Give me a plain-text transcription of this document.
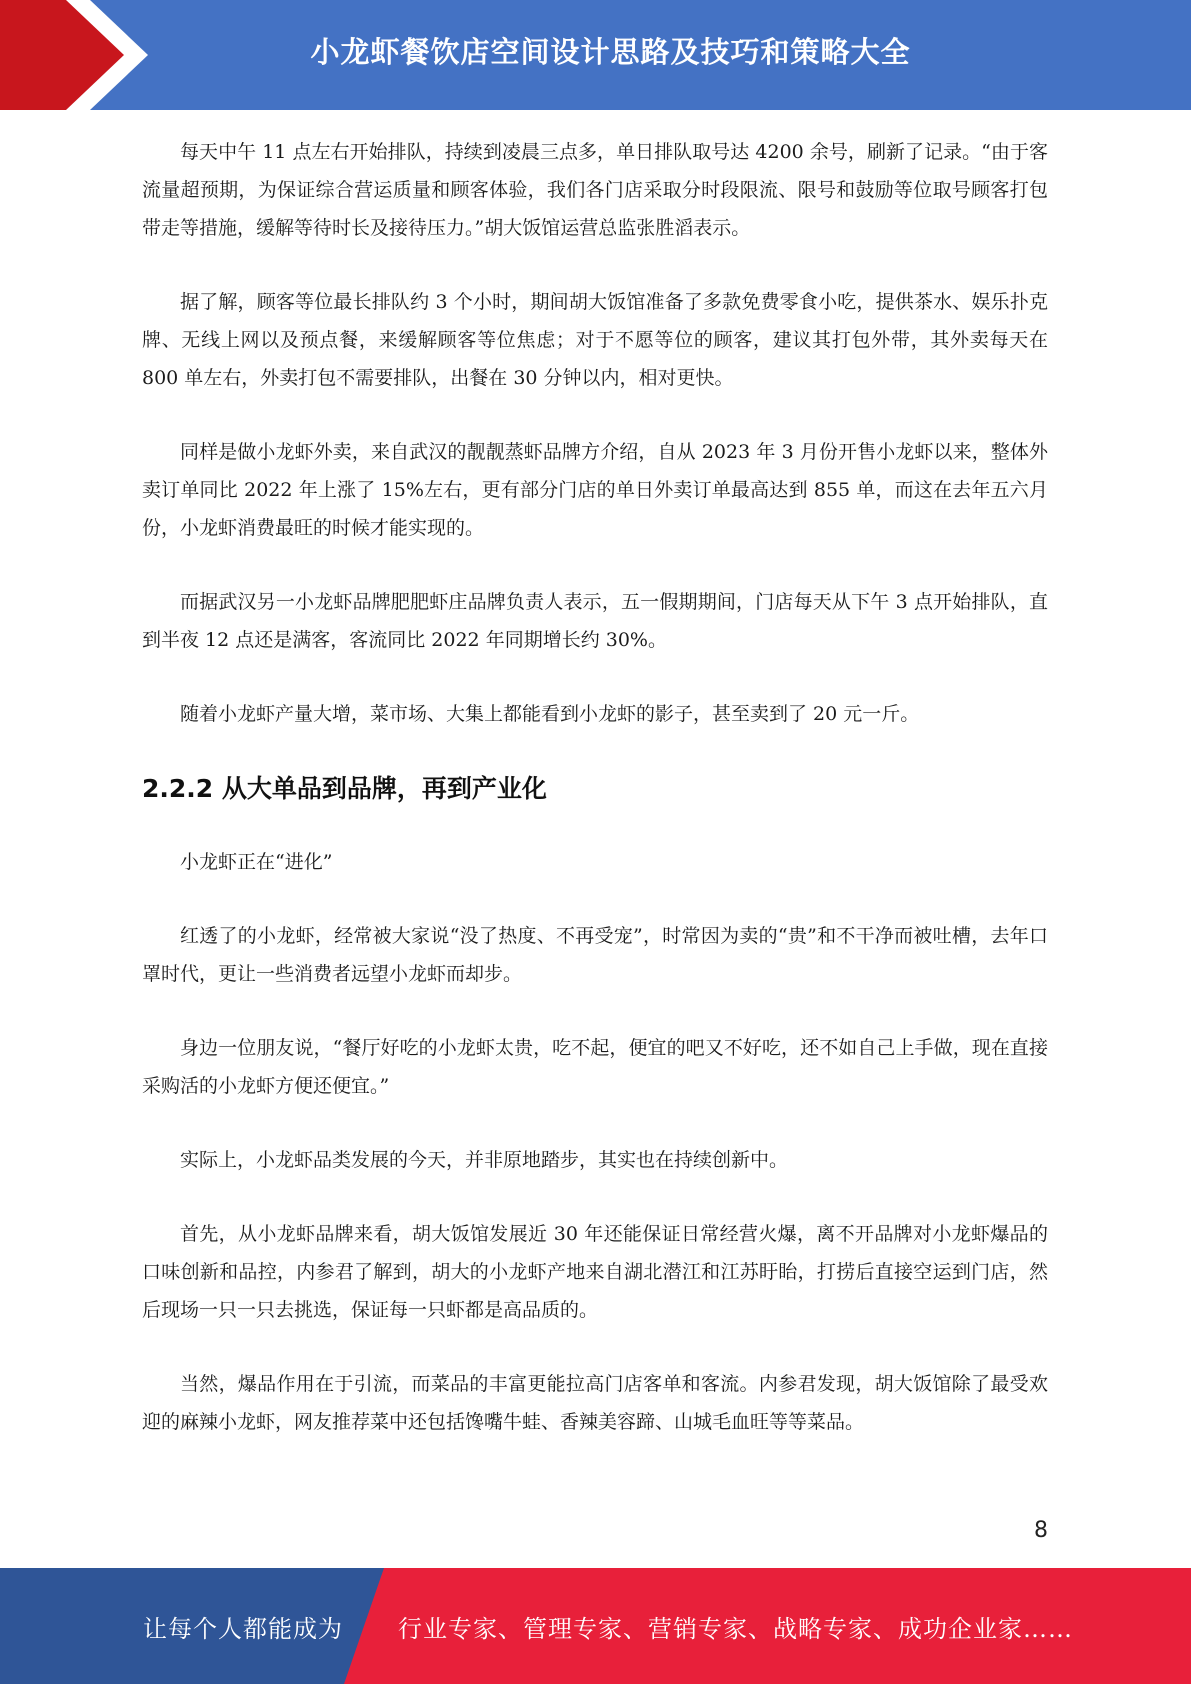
小龙虾餐饮店空间设计思路及技巧和策略大全

每天中午 11 点左右开始排队，持续到凌晨三点多，单日排队取号达 4200 余号，刷新了记录。“由于客流量超预期，为保证综合营运质量和顾客体验，我们各门店采取分时段限流、限号和鼓励等位取号顾客打包带走等措施，缓解等待时长及接待压力。”胡大饭馆运营总监张胜滔表示。

据了解，顾客等位最长排队约 3 个小时，期间胡大饭馆准备了多款免费零食小吃，提供茶水、娱乐扑克牌、无线上网以及预点餐，来缓解顾客等位焦虑；对于不愿等位的顾客，建议其打包外带，其外卖每天在 800 单左右，外卖打包不需要排队，出餐在 30 分钟以内，相对更快。

同样是做小龙虾外卖，来自武汉的靓靓蒸虾品牌方介绍，自从 2023 年 3 月份开售小龙虾以来，整体外卖订单同比 2022 年上涨了 15%左右，更有部分门店的单日外卖订单最高达到 855 单，而这在去年五六月份，小龙虾消费最旺的时候才能实现的。

而据武汉另一小龙虾品牌肥肥虾庄品牌负责人表示，五一假期期间，门店每天从下午 3 点开始排队，直到半夜 12 点还是满客，客流同比 2022 年同期增长约 30%。

随着小龙虾产量大增，菜市场、大集上都能看到小龙虾的影子，甚至卖到了 20 元一斤。

2.2.2 从大单品到品牌，再到产业化

小龙虾正在“进化”

红透了的小龙虾，经常被大家说“没了热度、不再受宠”，时常因为卖的“贵”和不干净而被吐槽，去年口罩时代，更让一些消费者远望小龙虾而却步。

身边一位朋友说，“餐厅好吃的小龙虾太贵，吃不起，便宜的吧又不好吃，还不如自己上手做，现在直接采购活的小龙虾方便还便宜。”

实际上，小龙虾品类发展的今天，并非原地踏步，其实也在持续创新中。

首先，从小龙虾品牌来看，胡大饭馆发展近 30 年还能保证日常经营火爆，离不开品牌对小龙虾爆品的口味创新和品控，内参君了解到，胡大的小龙虾产地来自湖北潜江和江苏盱眙，打捞后直接空运到门店，然后现场一只一只去挑选，保证每一只虾都是高品质的。

当然，爆品作用在于引流，而菜品的丰富更能拉高门店客单和客流。内参君发现，胡大饭馆除了最受欢迎的麻辣小龙虾，网友推荐菜中还包括馋嘴牛蛙、香辣美容蹄、山城毛血旺等等菜品。

8
让每个人都能成为 行业专家、管理专家、营销专家、战略专家、成功企业家……
